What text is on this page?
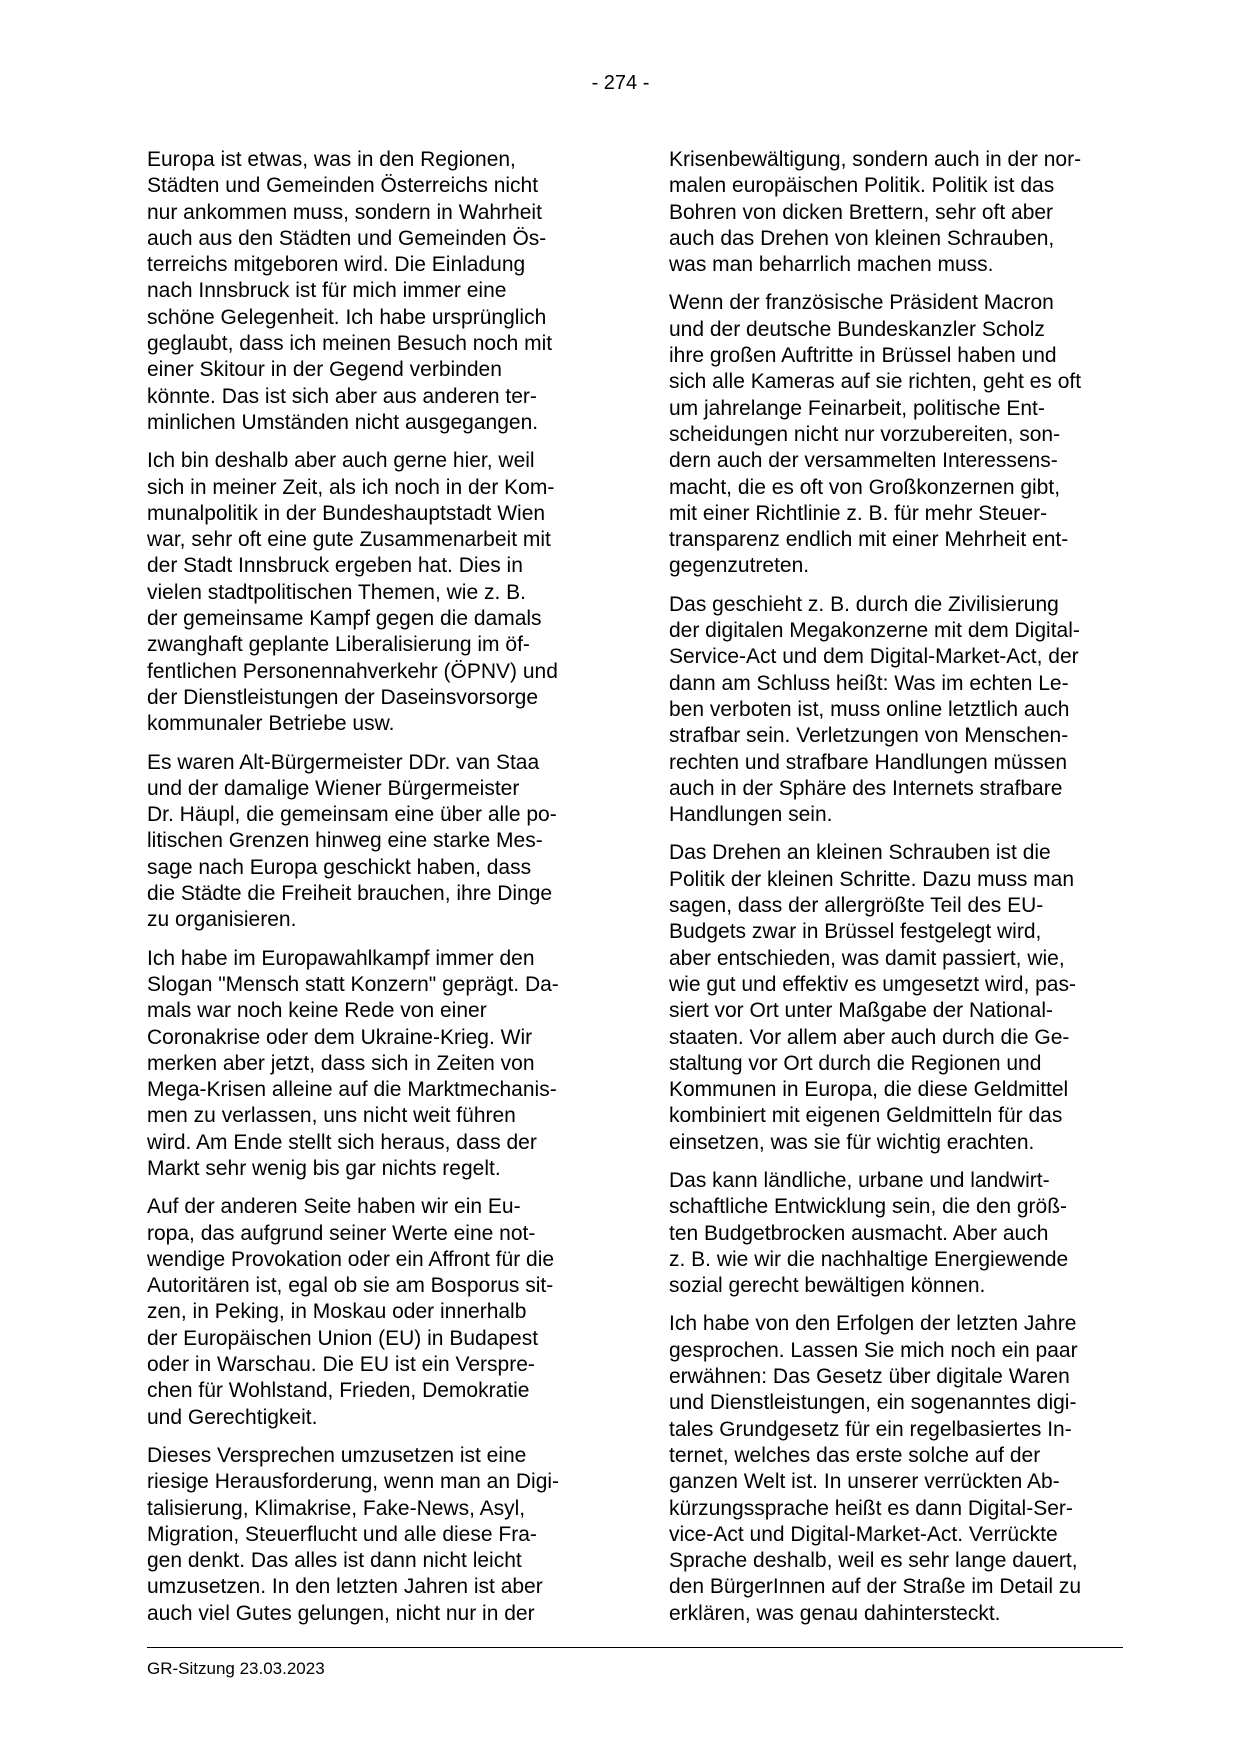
- 274 -
Europa ist etwas, was in den Regionen,
Städten und Gemeinden Österreichs nicht
nur ankommen muss, sondern in Wahrheit
auch aus den Städten und Gemeinden Ös-
terreichs mitgeboren wird. Die Einladung
nach Innsbruck ist für mich immer eine
schöne Gelegenheit. Ich habe ursprünglich
geglaubt, dass ich meinen Besuch noch mit
einer Skitour in der Gegend verbinden
könnte. Das ist sich aber aus anderen ter-
minlichen Umständen nicht ausgegangen.
Ich bin deshalb aber auch gerne hier, weil
sich in meiner Zeit, als ich noch in der Kom-
munalpolitik in der Bundeshauptstadt Wien
war, sehr oft eine gute Zusammenarbeit mit
der Stadt Innsbruck ergeben hat. Dies in
vielen stadtpolitischen Themen, wie z. B.
der gemeinsame Kampf gegen die damals
zwanghaft geplante Liberalisierung im öf-
fentlichen Personennahverkehr (ÖPNV) und
der Dienstleistungen der Daseinsvorsorge
kommunaler Betriebe usw.
Es waren Alt-Bürgermeister DDr. van Staa
und der damalige Wiener Bürgermeister
Dr. Häupl, die gemeinsam eine über alle po-
litischen Grenzen hinweg eine starke Mes-
sage nach Europa geschickt haben, dass
die Städte die Freiheit brauchen, ihre Dinge
zu organisieren.
Ich habe im Europawahlkampf immer den
Slogan "Mensch statt Konzern" geprägt. Da-
mals war noch keine Rede von einer
Coronakrise oder dem Ukraine-Krieg. Wir
merken aber jetzt, dass sich in Zeiten von
Mega-Krisen alleine auf die Marktmechanis-
men zu verlassen, uns nicht weit führen
wird. Am Ende stellt sich heraus, dass der
Markt sehr wenig bis gar nichts regelt.
Auf der anderen Seite haben wir ein Eu-
ropa, das aufgrund seiner Werte eine not-
wendige Provokation oder ein Affront für die
Autoritären ist, egal ob sie am Bosporus sit-
zen, in Peking, in Moskau oder innerhalb
der Europäischen Union (EU) in Budapest
oder in Warschau. Die EU ist ein Verspre-
chen für Wohlstand, Frieden, Demokratie
und Gerechtigkeit.
Dieses Versprechen umzusetzen ist eine
riesige Herausforderung, wenn man an Digi-
talisierung, Klimakrise, Fake-News, Asyl,
Migration, Steuerflucht und alle diese Fra-
gen denkt. Das alles ist dann nicht leicht
umzusetzen. In den letzten Jahren ist aber
auch viel Gutes gelungen, nicht nur in der
Krisenbewältigung, sondern auch in der nor-
malen europäischen Politik. Politik ist das
Bohren von dicken Brettern, sehr oft aber
auch das Drehen von kleinen Schrauben,
was man beharrlich machen muss.
Wenn der französische Präsident Macron
und der deutsche Bundeskanzler Scholz
ihre großen Auftritte in Brüssel haben und
sich alle Kameras auf sie richten, geht es oft
um jahrelange Feinarbeit, politische Ent-
scheidungen nicht nur vorzubereiten, son-
dern auch der versammelten Interessens-
macht, die es oft von Großkonzernen gibt,
mit einer Richtlinie z. B. für mehr Steuer-
transparenz endlich mit einer Mehrheit ent-
gegenzutreten.
Das geschieht z. B. durch die Zivilisierung
der digitalen Megakonzerne mit dem Digital-
Service-Act und dem Digital-Market-Act, der
dann am Schluss heißt: Was im echten Le-
ben verboten ist, muss online letztlich auch
strafbar sein. Verletzungen von Menschen-
rechten und strafbare Handlungen müssen
auch in der Sphäre des Internets strafbare
Handlungen sein.
Das Drehen an kleinen Schrauben ist die
Politik der kleinen Schritte. Dazu muss man
sagen, dass der allergrößte Teil des EU-
Budgets zwar in Brüssel festgelegt wird,
aber entschieden, was damit passiert, wie,
wie gut und effektiv es umgesetzt wird, pas-
siert vor Ort unter Maßgabe der National-
staaten. Vor allem aber auch durch die Ge-
staltung vor Ort durch die Regionen und
Kommunen in Europa, die diese Geldmittel
kombiniert mit eigenen Geldmitteln für das
einsetzen, was sie für wichtig erachten.
Das kann ländliche, urbane und landwirt-
schaftliche Entwicklung sein, die den größ-
ten Budgetbrocken ausmacht. Aber auch
z. B. wie wir die nachhaltige Energiewende
sozial gerecht bewältigen können.
Ich habe von den Erfolgen der letzten Jahre
gesprochen. Lassen Sie mich noch ein paar
erwähnen: Das Gesetz über digitale Waren
und Dienstleistungen, ein sogenanntes digi-
tales Grundgesetz für ein regelbasiertes In-
ternet, welches das erste solche auf der
ganzen Welt ist. In unserer verrückten Ab-
kürzungssprache heißt es dann Digital-Ser-
vice-Act und Digital-Market-Act. Verrückte
Sprache deshalb, weil es sehr lange dauert,
den BürgerInnen auf der Straße im Detail zu
erklären, was genau dahintersteckt.
GR-Sitzung 23.03.2023
